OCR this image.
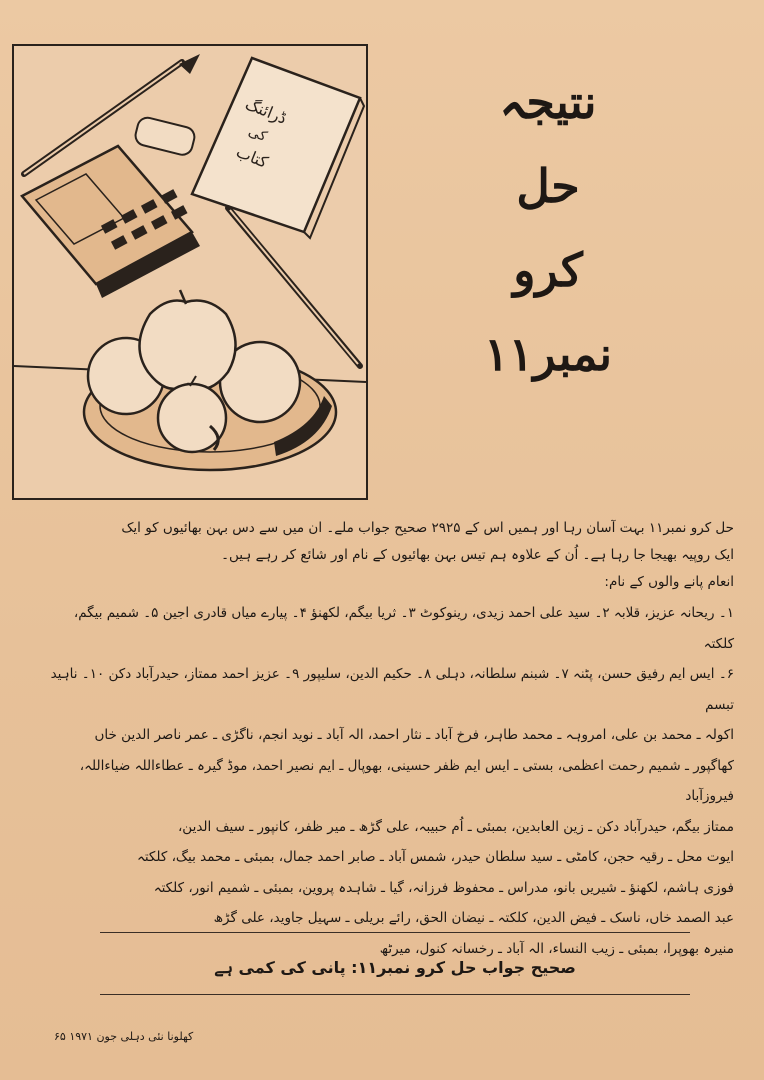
ڈرائنگ
کی
کتاب
نتیجہ
حل
کرو
نمبر۱۱

حل کرو نمبر۱۱ بہت آسان رہا اور ہمیں اس کے ۲۹۲۵ صحیح جواب ملے۔ ان میں سے دس بہن بھائیوں کو ایک

ایک روپیہ بھیجا جا رہا ہے۔ اُن کے علاوہ ہم تیس بہن بھائیوں کے نام اور شائع کر رہے ہیں۔

انعام پانے والوں کے نام:

۱۔ ریحانہ عزیز، قلابہ ۲۔ سید علی احمد زیدی، رینوکوٹ ۳۔ ثریا بیگم، لکھنؤ ۴۔ پیارے میاں قادری اجین ۵۔ شمیم بیگم، کلکتہ
۶۔ ایس ایم رفیق حسن، پٹنہ ۷۔ شبنم سلطانہ، دہلی ۸۔ حکیم الدین، سلیپور ۹۔ عزیز احمد ممتاز، حیدرآباد دکن ۱۰۔ ناہید تبسم
اکولہ ـ محمد بن علی، امروہہ ـ محمد طاہر، فرخ آباد ـ نثار احمد، الہ آباد ـ نوید انجم، ناگڑی ـ عمر ناصر الدین خاں
کھاگپور ـ شمیم رحمت اعظمی، بستی ـ ایس ایم ظفر حسینی، بھوپال ـ ایم نصیر احمد، موڈ گیرہ ـ عطاءاللہ ضیاءاللہ، فیروزآباد
ممتاز بیگم، حیدرآباد دکن ـ زین العابدین، بمبئی ـ اُم حبیبہ، علی گڑھ ـ میر ظفر، کانپور ـ سیف الدین،
ایوت محل ـ رقیہ حجن، کامٹی ـ سید سلطان حیدر، شمس آباد ـ صابر احمد جمال، بمبئی ـ محمد بیگ، کلکتہ
فوزی ہاشم، لکھنؤ ـ شیریں بانو، مدراس ـ محفوظ فرزانہ، گیا ـ شاہدہ پروین، بمبئی ـ شمیم انور، کلکتہ
عبد الصمد خاں، ناسک ـ فیض الدین، کلکتہ ـ نیضان الحق، رائے بریلی ـ سہیل جاوید، علی گڑھ
منیرہ بھوپرا، بمبئی ـ زیب النساء، الہ آباد ـ رخسانہ کنول، میرٹھ
صحیح جواب حل کرو نمبر۱۱: پانی کی کمی ہے
کھلونا نئی دہلی جون ۱۹۷۱ ۶۵
